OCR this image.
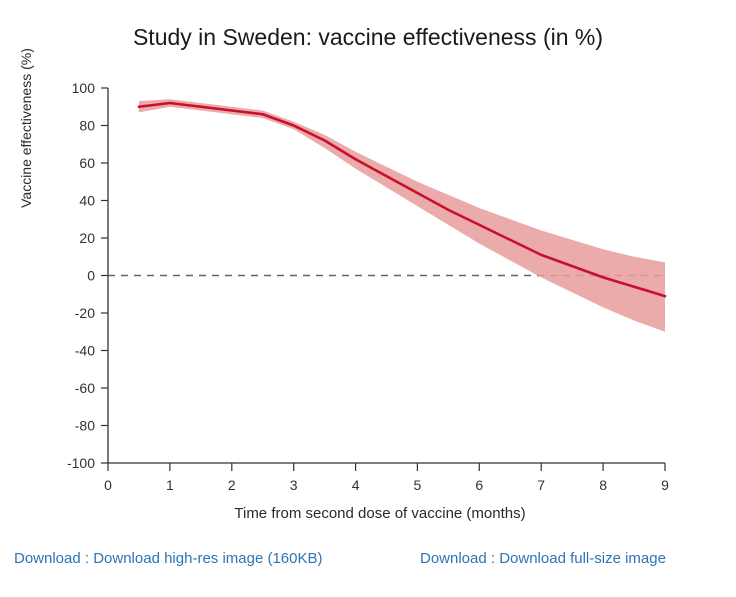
Study in Sweden: vaccine effectiveness (in %)
100
80
60
40
20
0
-20
-40
-60
-80
-100
0	1	2	3	4	5	6	7	8	9
Vaccine effectiveness (%)
Time from second dose of vaccine (months)
Download : Download high-res image (160KB)	Download : Download full-size image
